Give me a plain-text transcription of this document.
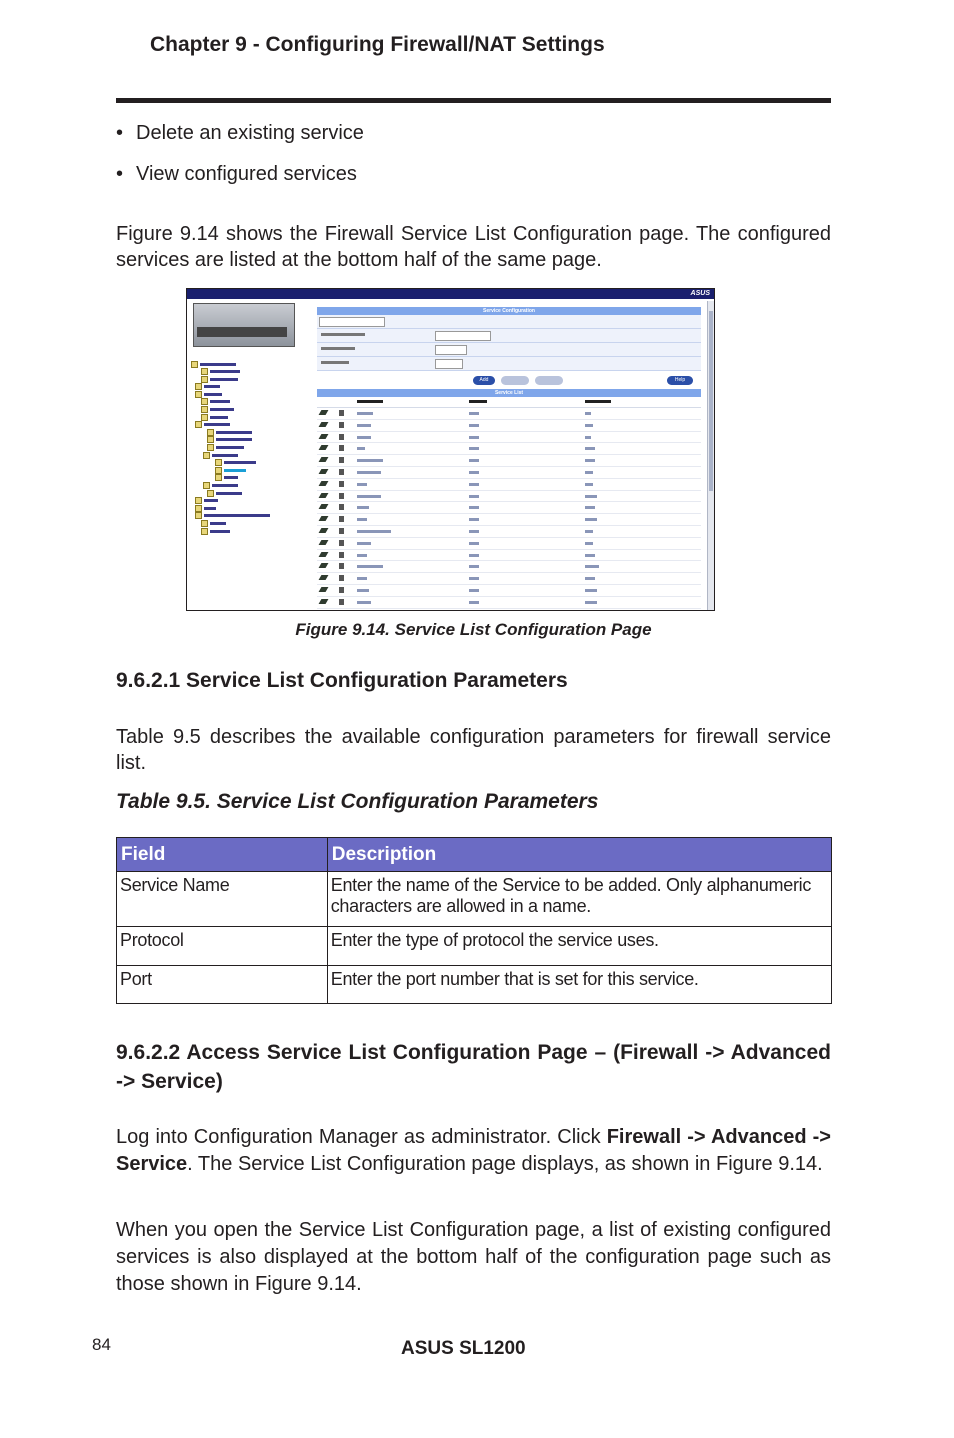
Chapter 9 - Configuring Firewall/NAT Settings
• Delete an existing service
• View configured services
Figure 9.14 shows the Firewall Service List Configuration page. The configured services are listed at the bottom half of the same page.
ASUS
Service Configuration
Add	Help
Service List
Figure 9.14. Service List Configuration Page
9.6.2.1 Service List Configuration Parameters
Table 9.5 describes the available configuration parameters for firewall service list.
Table 9.5. Service List Configuration Parameters
Field	Description
Service Name	Enter the name of the Service to be added. Only alphanumeric characters are allowed in a name.
Protocol	Enter the type of protocol the service uses.
Port	Enter the port number that is set for this service.
9.6.2.2 Access Service List Configuration Page – (Firewall -> Advanced -> Service)
Log into Configuration Manager as administrator. Click Firewall -> Advanced -> Service. The Service List Configuration page displays, as shown in Figure 9.14.
When you open the Service List Configuration page, a list of existing configured services is also displayed at the bottom half of the configuration page such as those shown in Figure 9.14.
84	ASUS SL1200
